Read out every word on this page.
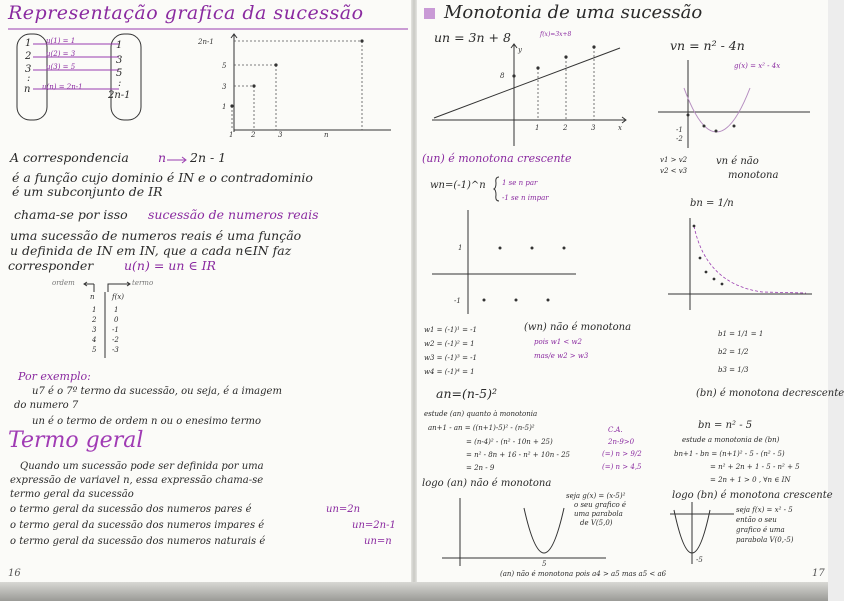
Representação grafica da sucessão
1
2
3
:
n
u(1) = 1
u(2) = 3
u(3) = 5
u(n) = 2n-1
1
3
5
:
2n-1
2n-1
5
3
1
1	2	3	n
A correspondencia n 2n - 1
é a função cujo dominio é IN e o contradominio
é um subconjunto de IR
chama-se por isso sucessão de numeros reais
uma sucessão de numeros reais é uma função
u definida de IN em IN, que a cada n∈IN faz
corresponder u(n) = un ∈ IR
ordem	termo
n f(x)
1	1
2	0
3 -1
4 -2
5 -3
Por exemplo:
u7 é o 7º termo da sucessão, ou seja, é a imagem
do numero 7
un é o termo de ordem n ou o enesimo termo
Termo geral
Quando um sucessão pode ser definida por uma
expressão de variavel n, essa expressão chama-se
termo geral da sucessão
o termo geral da sucessão dos numeros pares é	un=2n
o termo geral da sucessão dos numeros impares é	un=2n-1
o termo geral da sucessão dos numeros naturais é	un=n
16
Monotonia de uma sucessão
un = 3n + 8	f(x)=3x+8
y
8
1	2	3	x
vn = n² - 4n
g(x) = x² - 4x
-1
-2
(un) é monotona crescente	v1 > v2
v2 < v3
vn é não
monotona
wn=(-1)^n 1 se n par
-1 se n impar
1
-1
bn = 1/n
w1 = (-1)¹ = -1
w2 = (-1)² = 1
w3 = (-1)³ = -1
w4 = (-1)⁴ = 1
(wn) não é monotona
pois w1 < w2
mas/e w2 > w3
b1 = 1/1 = 1
b2 = 1/2
b3 = 1/3
an=(n-5)²
estude (an) quanto à monotonia
an+1 - an = ((n+1)-5)² - (n-5)²
= (n-4)² - (n² - 10n + 25)
= n² - 8n + 16 - n² + 10n - 25
= 2n - 9
C.A.
2n-9>0
(=) n > 9/2
(=) n > 4,5
(bn) é monotona decrescente
bn = n² - 5
estude a monotonia de (bn)
bn+1 - bn = (n+1)² - 5 - (n² - 5)
= n² + 2n + 1 - 5 - n² + 5
= 2n + 1 > 0 , ∀n ∈ IN
logo (an) não é monotona
seja g(x) = (x-5)²
o seu grafico é
uma parabola
de V(5,0)
5
logo (bn) é monotona crescente
seja f(x) = x² - 5
então o seu
grafico é uma
parabola V(0,-5)
-5
(an) não é monotona pois a4 > a5 mas a5 < a6	17
